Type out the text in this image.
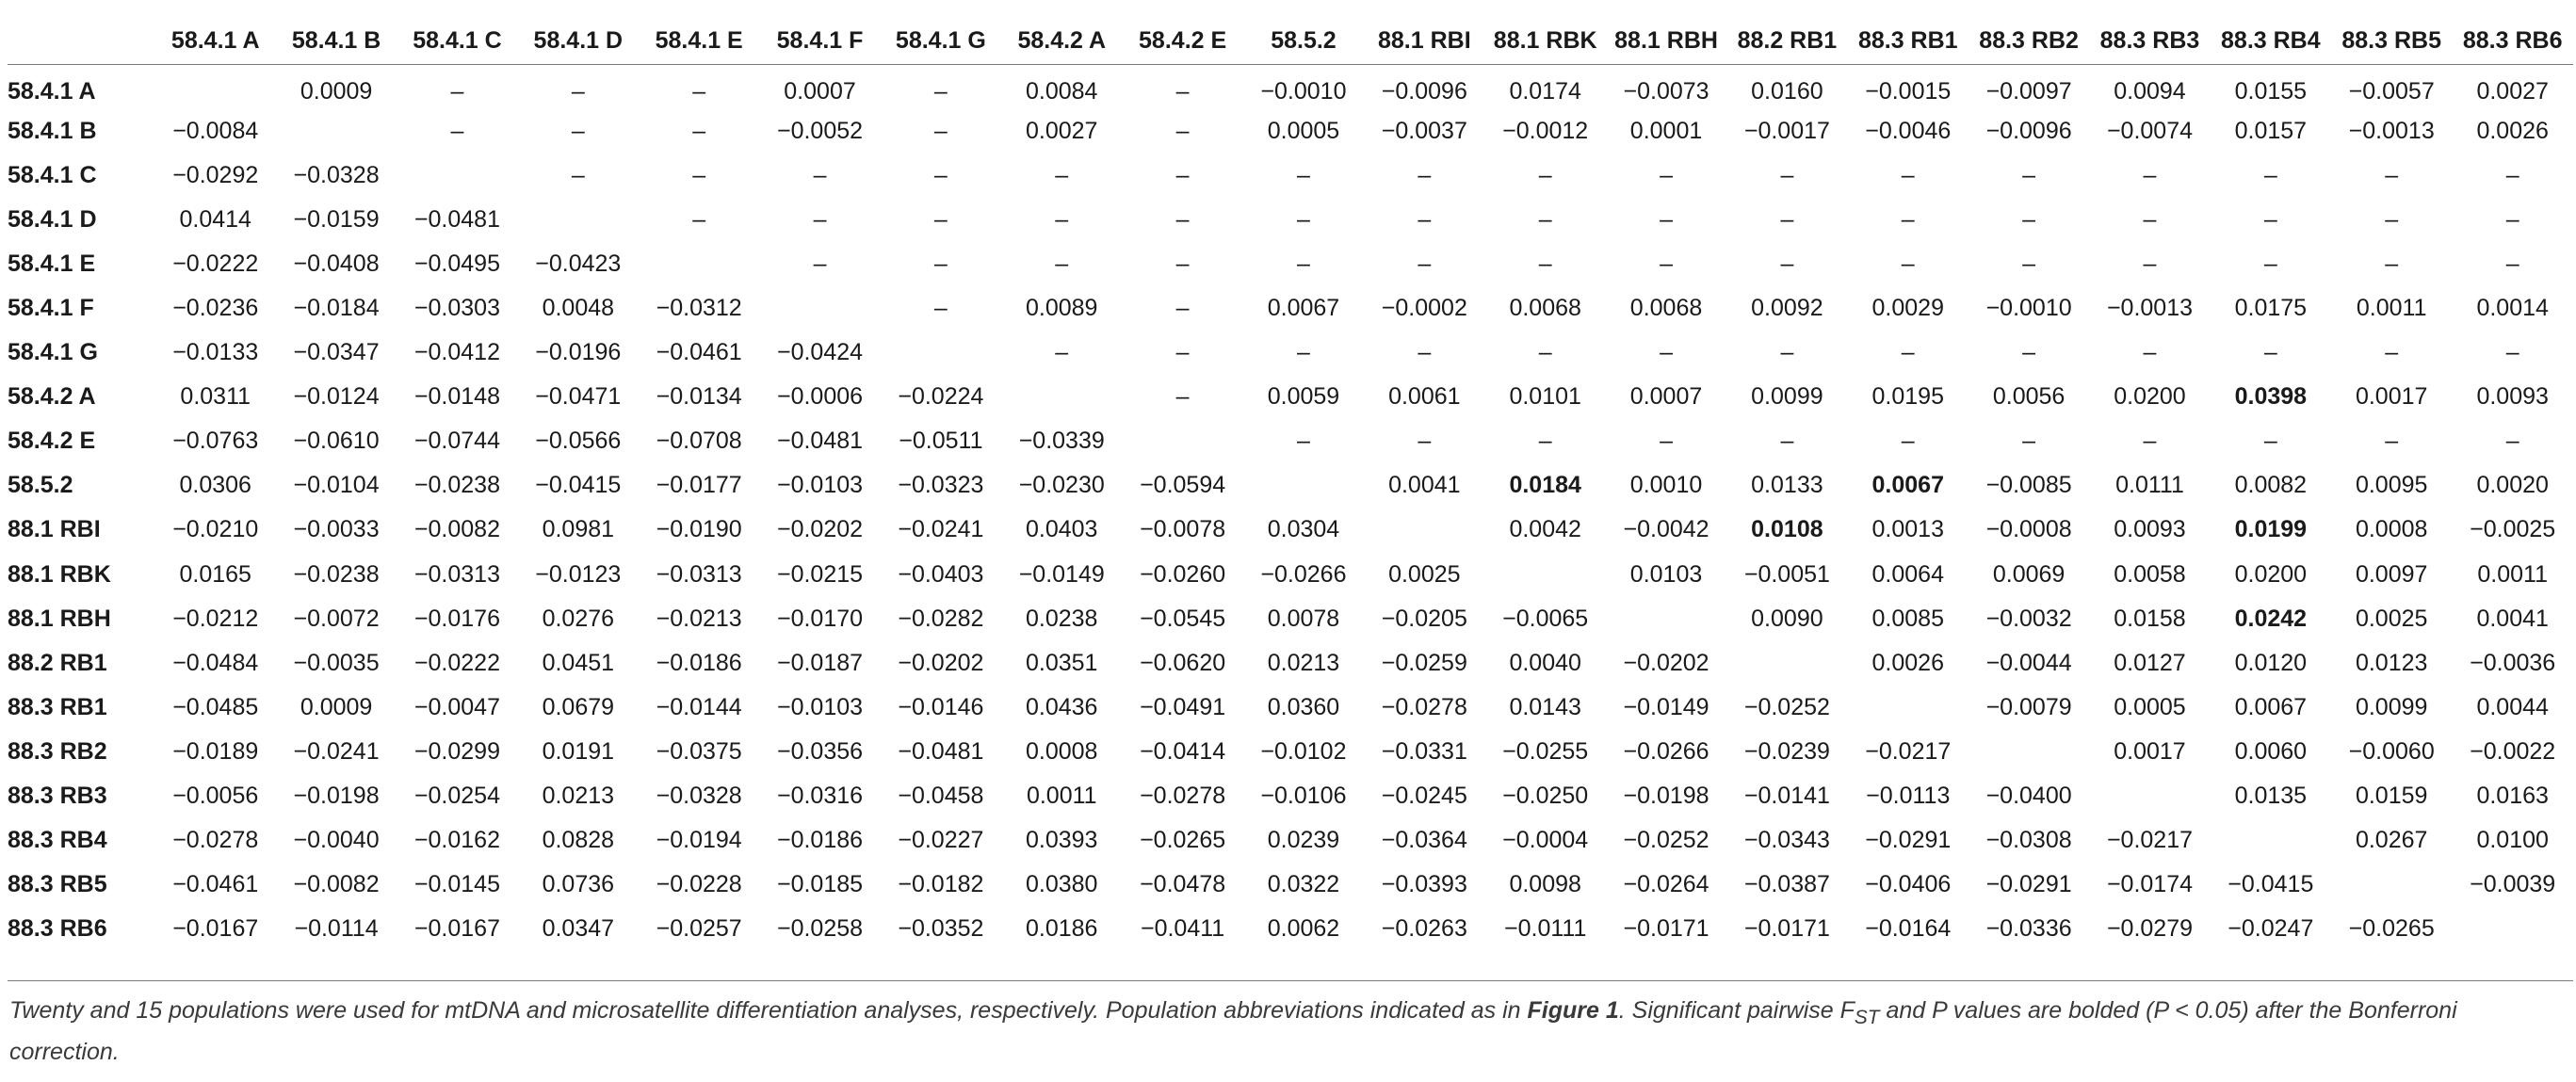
	58.4.1 A	58.4.1 B	58.4.1 C	58.4.1 D	58.4.1 E	58.4.1 F	58.4.1 G	58.4.2 A	58.4.2 E	58.5.2	88.1 RBI	88.1 RBK	88.1 RBH	88.2 RB1	88.3 RB1	88.3 RB2	88.3 RB3	88.3 RB4	88.3 RB5	88.3 RB6
58.4.1 A		0.0009	–	–	–	0.0007	–	0.0084	–	−0.0010	−0.0096	0.0174	−0.0073	0.0160	−0.0015	−0.0097	0.0094	0.0155	−0.0057	0.0027
58.4.1 B	−0.0084		–	–	–	−0.0052	–	0.0027	–	0.0005	−0.0037	−0.0012	0.0001	−0.0017	−0.0046	−0.0096	−0.0074	0.0157	−0.0013	0.0026
58.4.1 C	−0.0292	−0.0328		–	–	–	–	–	–	–	–	–	–	–	–	–	–	–	–	–
58.4.1 D	0.0414	−0.0159	−0.0481		–	–	–	–	–	–	–	–	–	–	–	–	–	–	–	–
58.4.1 E	−0.0222	−0.0408	−0.0495	−0.0423		–	–	–	–	–	–	–	–	–	–	–	–	–	–	–
58.4.1 F	−0.0236	−0.0184	−0.0303	0.0048	−0.0312		–	0.0089	–	0.0067	−0.0002	0.0068	0.0068	0.0092	0.0029	−0.0010	−0.0013	0.0175	0.0011	0.0014
58.4.1 G	−0.0133	−0.0347	−0.0412	−0.0196	−0.0461	−0.0424		–	–	–	–	–	–	–	–	–	–	–	–	–
58.4.2 A	0.0311	−0.0124	−0.0148	−0.0471	−0.0134	−0.0006	−0.0224		–	0.0059	0.0061	0.0101	0.0007	0.0099	0.0195	0.0056	0.0200	0.0398	0.0017	0.0093
58.4.2 E	−0.0763	−0.0610	−0.0744	−0.0566	−0.0708	−0.0481	−0.0511	−0.0339		–	–	–	–	–	–	–	–	–	–	–
58.5.2	0.0306	−0.0104	−0.0238	−0.0415	−0.0177	−0.0103	−0.0323	−0.0230	−0.0594		0.0041	0.0184	0.0010	0.0133	0.0067	−0.0085	0.0111	0.0082	0.0095	0.0020
88.1 RBI	−0.0210	−0.0033	−0.0082	0.0981	−0.0190	−0.0202	−0.0241	0.0403	−0.0078	0.0304		0.0042	−0.0042	0.0108	0.0013	−0.0008	0.0093	0.0199	0.0008	−0.0025
88.1 RBK	0.0165	−0.0238	−0.0313	−0.0123	−0.0313	−0.0215	−0.0403	−0.0149	−0.0260	−0.0266	0.0025		0.0103	−0.0051	0.0064	0.0069	0.0058	0.0200	0.0097	0.0011
88.1 RBH	−0.0212	−0.0072	−0.0176	0.0276	−0.0213	−0.0170	−0.0282	0.0238	−0.0545	0.0078	−0.0205	−0.0065		0.0090	0.0085	−0.0032	0.0158	0.0242	0.0025	0.0041
88.2 RB1	−0.0484	−0.0035	−0.0222	0.0451	−0.0186	−0.0187	−0.0202	0.0351	−0.0620	0.0213	−0.0259	0.0040	−0.0202		0.0026	−0.0044	0.0127	0.0120	0.0123	−0.0036
88.3 RB1	−0.0485	0.0009	−0.0047	0.0679	−0.0144	−0.0103	−0.0146	0.0436	−0.0491	0.0360	−0.0278	0.0143	−0.0149	−0.0252		−0.0079	0.0005	0.0067	0.0099	0.0044
88.3 RB2	−0.0189	−0.0241	−0.0299	0.0191	−0.0375	−0.0356	−0.0481	0.0008	−0.0414	−0.0102	−0.0331	−0.0255	−0.0266	−0.0239	−0.0217		0.0017	0.0060	−0.0060	−0.0022
88.3 RB3	−0.0056	−0.0198	−0.0254	0.0213	−0.0328	−0.0316	−0.0458	0.0011	−0.0278	−0.0106	−0.0245	−0.0250	−0.0198	−0.0141	−0.0113	−0.0400		0.0135	0.0159	0.0163
88.3 RB4	−0.0278	−0.0040	−0.0162	0.0828	−0.0194	−0.0186	−0.0227	0.0393	−0.0265	0.0239	−0.0364	−0.0004	−0.0252	−0.0343	−0.0291	−0.0308	−0.0217		0.0267	0.0100
88.3 RB5	−0.0461	−0.0082	−0.0145	0.0736	−0.0228	−0.0185	−0.0182	0.0380	−0.0478	0.0322	−0.0393	0.0098	−0.0264	−0.0387	−0.0406	−0.0291	−0.0174	−0.0415		−0.0039
88.3 RB6	−0.0167	−0.0114	−0.0167	0.0347	−0.0257	−0.0258	−0.0352	0.0186	−0.0411	0.0062	−0.0263	−0.0111	−0.0171	−0.0171	−0.0164	−0.0336	−0.0279	−0.0247	−0.0265	
Twenty and 15 populations were used for mtDNA and microsatellite differentiation analyses, respectively. Population abbreviations indicated as in Figure 1. Significant pairwise $F_{ST}$ and P values are bolded (P < 0.05) after the Bonferroni correction.
